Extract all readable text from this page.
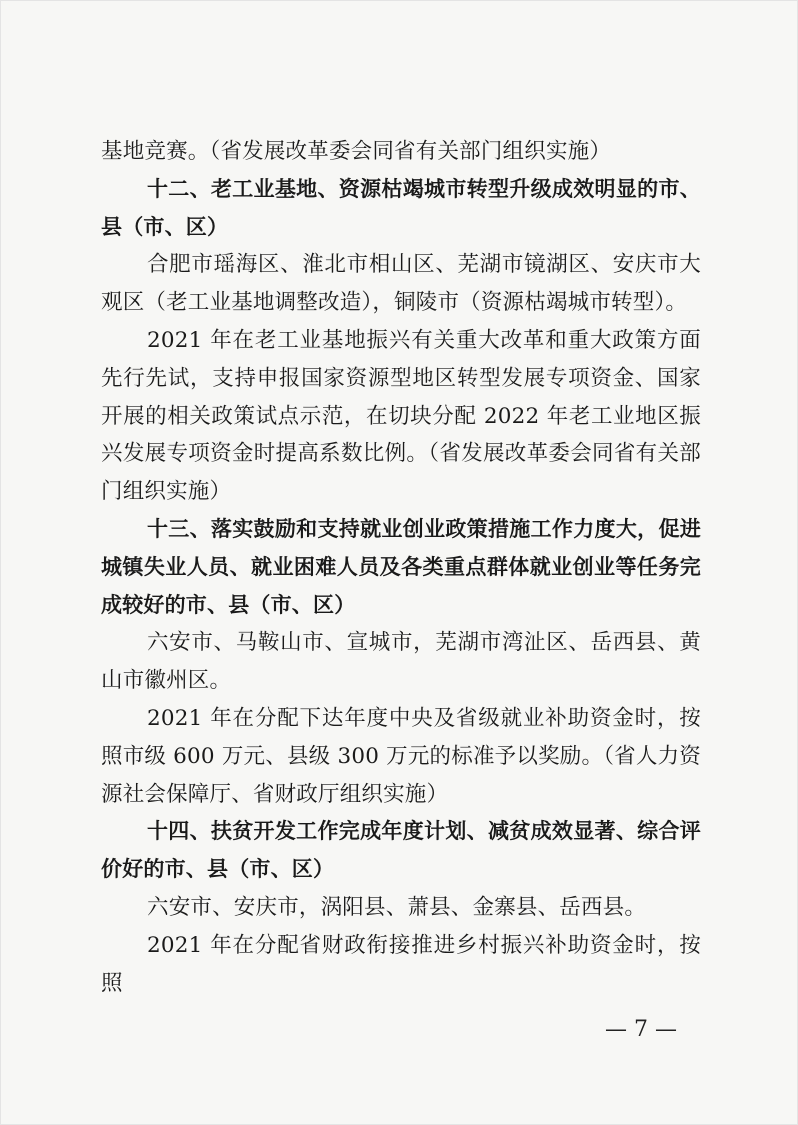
基地竞赛。（省发展改革委会同省有关部门组织实施）

十二、老工业基地、资源枯竭城市转型升级成效明显的市、县（市、区）

合肥市瑶海区、淮北市相山区、芜湖市镜湖区、安庆市大观区（老工业基地调整改造），铜陵市（资源枯竭城市转型）。

2021 年在老工业基地振兴有关重大改革和重大政策方面先行先试，支持申报国家资源型地区转型发展专项资金、国家开展的相关政策试点示范，在切块分配 2022 年老工业地区振兴发展专项资金时提高系数比例。（省发展改革委会同省有关部门组织实施）

十三、落实鼓励和支持就业创业政策措施工作力度大，促进城镇失业人员、就业困难人员及各类重点群体就业创业等任务完成较好的市、县（市、区）

六安市、马鞍山市、宣城市，芜湖市湾沚区、岳西县、黄山市徽州区。

2021 年在分配下达年度中央及省级就业补助资金时，按照市级 600 万元、县级 300 万元的标准予以奖励。（省人力资源社会保障厅、省财政厅组织实施）

十四、扶贫开发工作完成年度计划、减贫成效显著、综合评价好的市、县（市、区）

六安市、安庆市，涡阳县、萧县、金寨县、岳西县。

2021 年在分配省财政衔接推进乡村振兴补助资金时，按照

— 7 —
